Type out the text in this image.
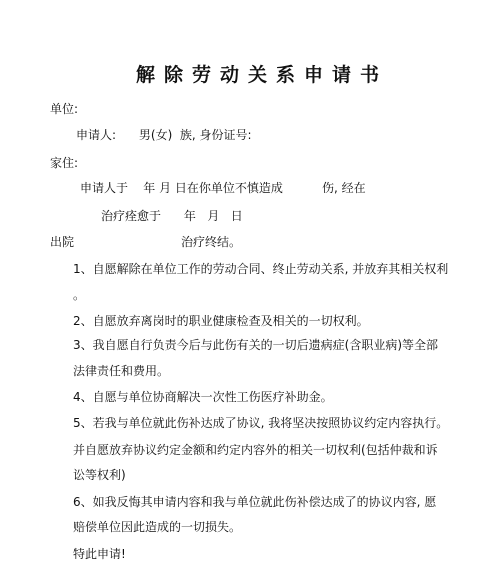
解除劳动关系申请书
单位:
申请人:      男(女)  族, 身份证号:
家住:
申请人于    年 月 日在你单位不慎造成	伤, 经在
治疗痊愈于      年   月   日
出院	治疗终结。
1、自愿解除在单位工作的劳动合同、终止劳动关系, 并放弃其相关权利
。
2、自愿放弃离岗时的职业健康检查及相关的一切权利。
3、我自愿自行负责今后与此伤有关的一切后遗病症(含职业病)等全部
法律责任和费用。
4、自愿与单位协商解决一次性工伤医疗补助金。
5、若我与单位就此伤补达成了协议, 我将坚决按照协议约定内容执行。
并自愿放弃协议约定金额和约定内容外的相关一切权利(包括仲裁和诉
讼等权利)
6、如我反悔其申请内容和我与单位就此伤补偿达成了的协议内容, 愿
赔偿单位因此造成的一切损失。
特此申请!
